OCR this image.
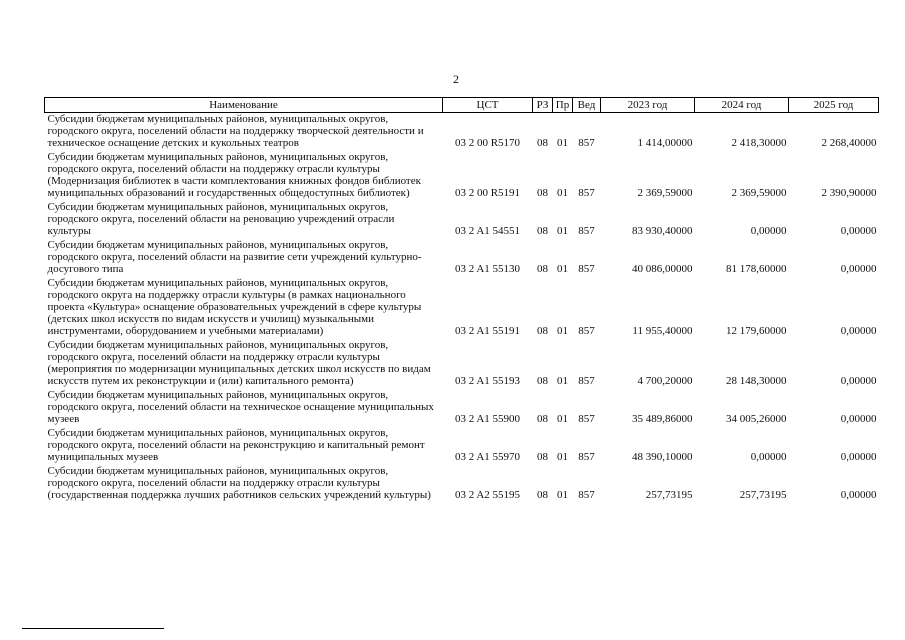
2
Наименование	ЦСТ	РЗ	Пр	Вед	2023 год	2024 год	2025 год
Субсидии бюджетам муниципальных районов, муниципальных округов, городского округа, поселений области на поддержку творческой деятельности и техническое оснащение детских и кукольных театров	03 2 00 R5170	08	01	857	1 414,00000	2 418,30000	2 268,40000
Субсидии бюджетам муниципальных районов, муниципальных округов, городского округа, поселений области на поддержку отрасли культуры (Модернизация библиотек в части комплектования книжных фондов библиотек муниципальных образований и государственных общедоступных библиотек)	03 2 00 R5191	08	01	857	2 369,59000	2 369,59000	2 390,90000
Субсидии бюджетам муниципальных районов, муниципальных округов, городского округа, поселений области на реновацию учреждений отрасли культуры	03 2 A1 54551	08	01	857	83 930,40000	0,00000	0,00000
Субсидии бюджетам муниципальных районов, муниципальных округов, городского округа, поселений области на развитие сети учреждений культурно-досугового типа	03 2 A1 55130	08	01	857	40 086,00000	81 178,60000	0,00000
Субсидии бюджетам муниципальных районов, муниципальных округов, городского округа на поддержку отрасли культуры (в рамках национального проекта «Культура» оснащение образовательных учреждений в сфере культуры (детских школ искусств по видам искусств и училищ) музыкальными инструментами, оборудованием и учебными материалами)	03 2 A1 55191	08	01	857	11 955,40000	12 179,60000	0,00000
Субсидии бюджетам муниципальных районов, муниципальных округов, городского округа, поселений области на поддержку отрасли культуры (мероприятия по модернизации муниципальных детских школ искусств по видам искусств путем их реконструкции и (или) капитального ремонта)	03 2 A1 55193	08	01	857	4 700,20000	28 148,30000	0,00000
Субсидии бюджетам муниципальных районов, муниципальных округов, городского округа, поселений области на техническое оснащение муниципальных музеев	03 2 A1 55900	08	01	857	35 489,86000	34 005,26000	0,00000
Субсидии бюджетам муниципальных районов, муниципальных округов, городского округа, поселений области на реконструкцию и капитальный ремонт муниципальных музеев	03 2 A1 55970	08	01	857	48 390,10000	0,00000	0,00000
Субсидии бюджетам муниципальных районов, муниципальных округов, городского округа, поселений области на поддержку отрасли культуры (государственная поддержка лучших работников сельских учреждений культуры)	03 2 A2 55195	08	01	857	257,73195	257,73195	0,00000
